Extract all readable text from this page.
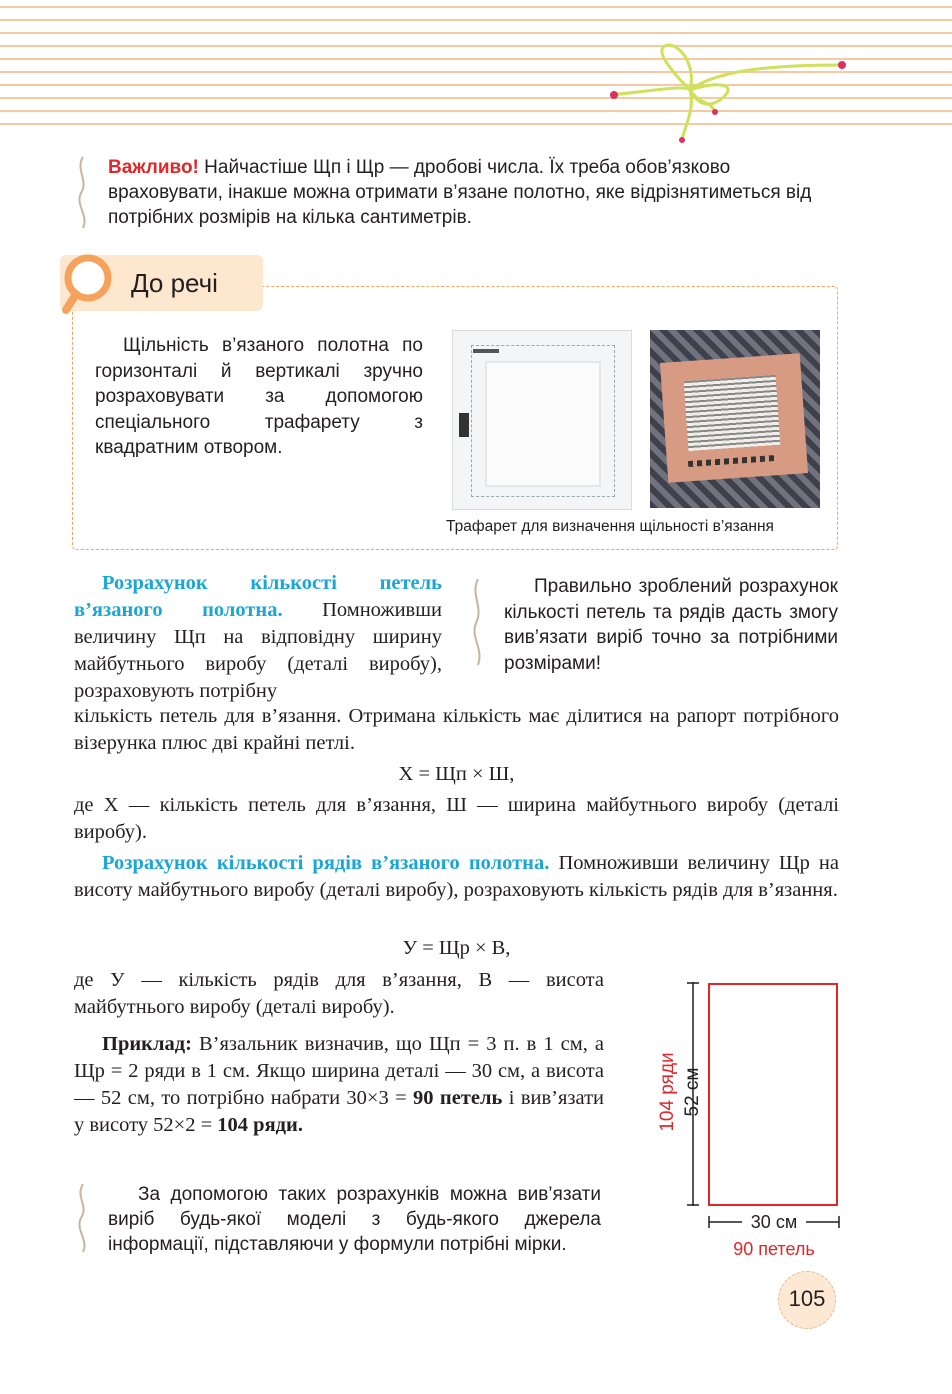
Важливо! Найчастіше Щп і Щр — дробові числа. Їх треба обов’язково враховувати, інакше можна отримати в’язане полотно, яке відрізнятиметься від потрібних розмірів на кілька сантиметрів.
До речі
Щільність в’язаного полотна по горизонталі й вертикалі зручно розраховувати за допомогою спеціального трафарету з квадратним отвором.
Трафарет для визначення щільності в’язання
Розрахунок кількості петель в’язаного полотна. Помноживши величину Щп на відповідну ширину майбутнього виробу (деталі виробу), розраховують потрібну
Правильно зроблений розрахунок кількості петель та рядів дасть змогу вив’язати виріб точно за потрібними розмірами!
кількість петель для в’язання. Отримана кількість має ділитися на рапорт потрібного візерунка плюс дві крайні петлі.
Х = Щп × Ш,
де Х — кількість петель для в’язання, Ш — ширина майбутнього виробу (деталі виробу).
Розрахунок кількості рядів в’язаного полотна. Помноживши величину Щр на висоту майбутнього виробу (деталі виробу), розраховують кількість рядів для в’язання.
У = Щр × В,
де У — кількість рядів для в’язання, В — висота майбутнього виробу (деталі виробу).
Приклад: В’язальник визначив, що Щп = 3 п. в 1 см, а Щр = 2 ряди в 1 см. Якщо ширина деталі — 30 см, а висота — 52 см, то потрібно набрати 30×3 = 90 петель і вив’язати у висоту 52×2 = 104 ряди.
За допомогою таких розрахунків можна вив’язати виріб будь-якої моделі з будь-якого джерела інформації, підставляючи у формули потрібні мірки.
104 ряди 52 см
30 см
90 петель
105
